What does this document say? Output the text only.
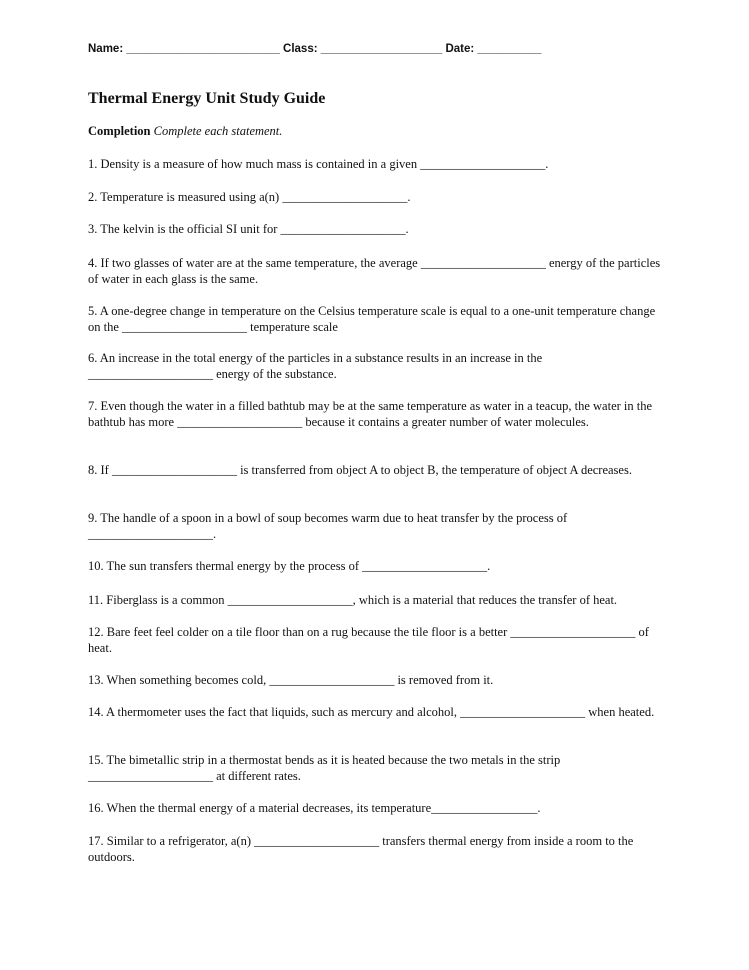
Name: ________________________ Class: ___________________ Date: __________
Thermal Energy Unit Study Guide
Completion Complete each statement.
1. Density is a measure of how much mass is contained in a given ____________________.
2. Temperature is measured using a(n) ____________________.
3. The kelvin is the official SI unit for ____________________.
4. If two glasses of water are at the same temperature, the average ____________________ energy of the particles of water in each glass is the same.
5. A one-degree change in temperature on the Celsius temperature scale is equal to a one-unit temperature change on the ____________________ temperature scale
6. An increase in the total energy of the particles in a substance results in an increase in the ____________________ energy of the substance.
7. Even though the water in a filled bathtub may be at the same temperature as water in a teacup, the water in the bathtub has more ____________________ because it contains a greater number of water molecules.
8. If ____________________ is transferred from object A to object B, the temperature of object A decreases.
9. The handle of a spoon in a bowl of soup becomes warm due to heat transfer by the process of ____________________.
10. The sun transfers thermal energy by the process of ____________________.
11. Fiberglass is a common ____________________, which is a material that reduces the transfer of heat.
12. Bare feet feel colder on a tile floor than on a rug because the tile floor is a better ____________________ of heat.
13. When something becomes cold, ____________________ is removed from it.
14. A thermometer uses the fact that liquids, such as mercury and alcohol, ____________________ when heated.
15. The bimetallic strip in a thermostat bends as it is heated because the two metals in the strip ____________________ at different rates.
16. When the thermal energy of a material decreases, its temperature_________________.
17. Similar to a refrigerator, a(n) ____________________ transfers thermal energy from inside a room to the outdoors.
